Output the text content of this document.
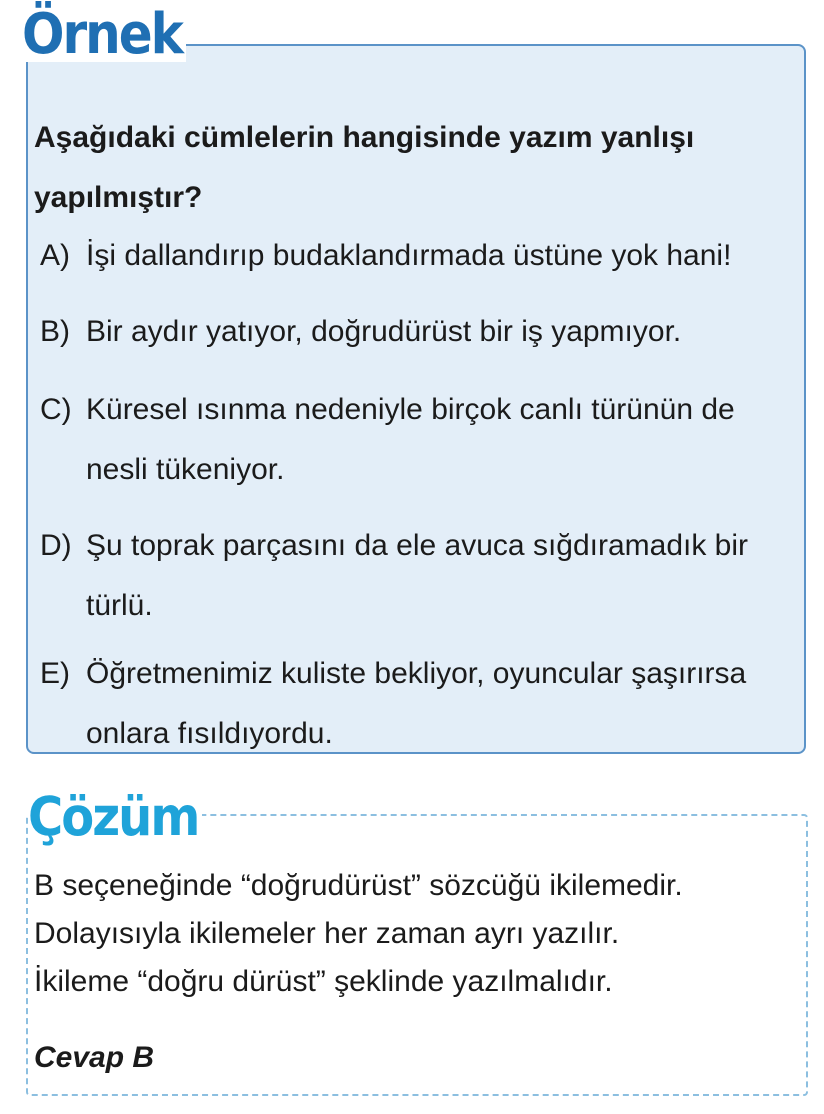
Örnek
Aşağıdaki cümlelerin hangisinde yazım yanlışı yapılmıştır?
A) İşi dallandırıp budaklandırmada üstüne yok hani!
B) Bir aydır yatıyor, doğrudürüst bir iş yapmıyor.
C) Küresel ısınma nedeniyle birçok canlı türünün de nesli tükeniyor.
D) Şu toprak parçasını da ele avuca sığdıramadık bir türlü.
E) Öğretmenimiz kuliste bekliyor, oyuncular şaşırırsa onlara fısıldıyordu.
Çözüm
B seçeneğinde “doğrudürüst” sözcüğü ikilemedir.
Dolayısıyla ikilemeler her zaman ayrı yazılır.
İkileme “doğru dürüst” şeklinde yazılmalıdır.
Cevap B
